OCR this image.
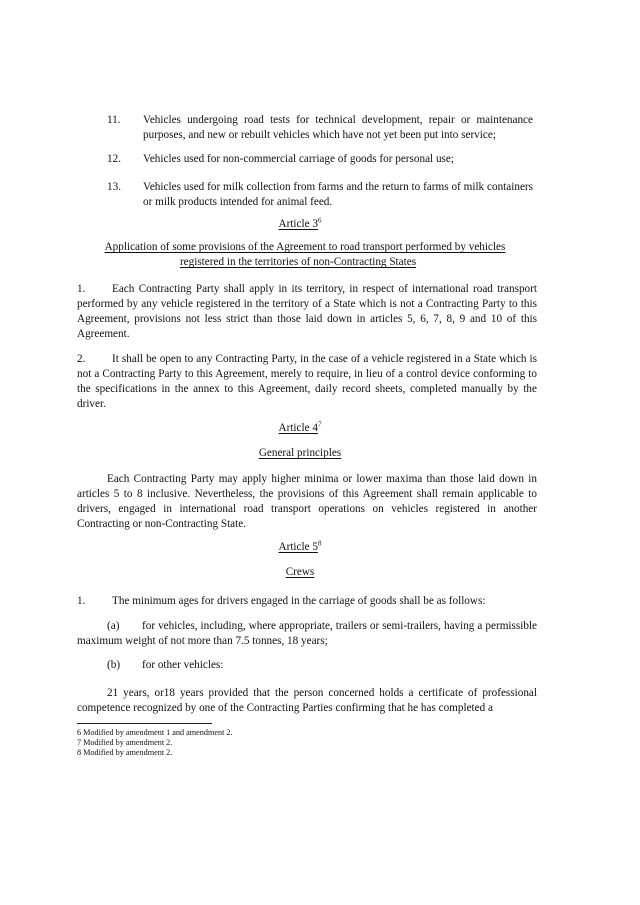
11. Vehicles undergoing road tests for technical development, repair or maintenance purposes, and new or rebuilt vehicles which have not yet been put into service;
12. Vehicles used for non-commercial carriage of goods for personal use;
13. Vehicles used for milk collection from farms and the return to farms of milk containers or milk products intended for animal feed.
Article $3^6$
Application of some provisions of the Agreement to road transport performed by vehicles
registered in the territories of non-Contracting States
1. Each Contracting Party shall apply in its territory, in respect of international road transport performed by any vehicle registered in the territory of a State which is not a Contracting Party to this Agreement, provisions not less strict than those laid down in articles 5, 6, 7, 8, 9 and 10 of this Agreement.
2. It shall be open to any Contracting Party, in the case of a vehicle registered in a State which is not a Contracting Party to this Agreement, merely to require, in lieu of a control device conforming to the specifications in the annex to this Agreement, daily record sheets, completed manually by the driver.
Article $4^7$
General principles
Each Contracting Party may apply higher minima or lower maxima than those laid down in articles 5 to 8 inclusive. Nevertheless, the provisions of this Agreement shall remain applicable to drivers, engaged in international road transport operations on vehicles registered in another Contracting or non-Contracting State.
Article $5^8$
Crews
1. The minimum ages for drivers engaged in the carriage of goods shall be as follows:
(a) for vehicles, including, where appropriate, trailers or semi-trailers, having a permissible maximum weight of not more than 7.5 tonnes, 18 years;
(b) for other vehicles:
21 years, or18 years provided that the person concerned holds a certificate of professional competence recognized by one of the Contracting Parties confirming that he has completed a
6 Modified by amendment 1 and amendment 2.
7 Modified by amendment 2.
8 Modified by amendment 2.
